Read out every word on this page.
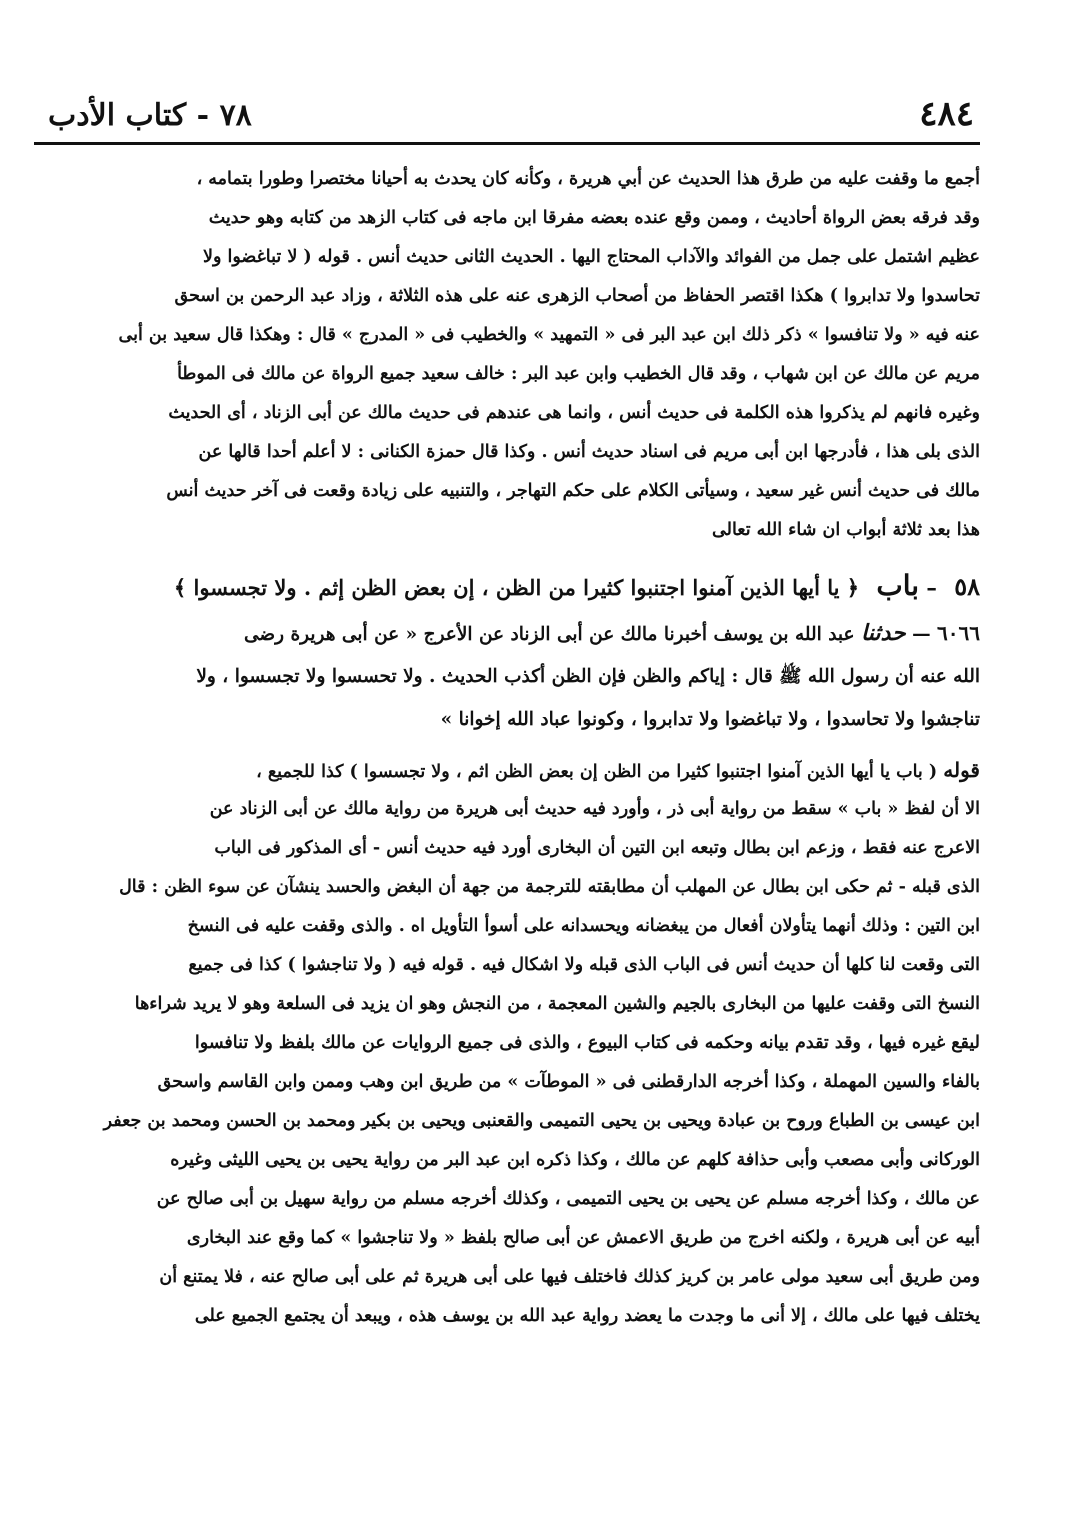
٤٨٤
٧٨ - كتاب الأدب
أجمع ما وقفت عليه من طرق هذا الحديث عن أبي هريرة ، وكأنه كان يحدث به أحيانا مختصرا وطورا بتمامه ،
وقد فرقه بعض الرواة أحاديث ، وممن وقع عنده بعضه مفرقا ابن ماجه فى كتاب الزهد من كتابه وهو حديث
عظيم اشتمل على جمل من الفوائد والآداب المحتاج اليها . الحديث الثانى حديث أنس . قوله ( لا تباغضوا ولا
تحاسدوا ولا تدابروا ) هكذا اقتصر الحفاظ من أصحاب الزهرى عنه على هذه الثلاثة ، وزاد عبد الرحمن بن اسحق
عنه فيه « ولا تنافسوا » ذكر ذلك ابن عبد البر فى « التمهيد » والخطيب فى « المدرج » قال : وهكذا قال سعيد بن أبى
مريم عن مالك عن ابن شهاب ، وقد قال الخطيب وابن عبد البر : خالف سعيد جميع الرواة عن مالك فى الموطأ
وغيره فانهم لم يذكروا هذه الكلمة فى حديث أنس ، وانما هى عندهم فى حديث مالك عن أبى الزناد ، أى الحديث
الذى بلى هذا ، فأدرجها ابن أبى مريم فى اسناد حديث أنس . وكذا قال حمزة الكنانى : لا أعلم أحدا قالها عن
مالك فى حديث أنس غير سعيد ، وسيأتى الكلام على حكم التهاجر ، والتنبيه على زيادة وقعت فى آخر حديث أنس
هذا بعد ثلاثة أبواب ان شاء الله تعالى
٥٨ – باب ﴿ يا أيها الذين آمنوا اجتنبوا كثيرا من الظن ، إن بعض الظن إثم . ولا تجسسوا ﴾
٦٠٦٦ — حدثنا عبد الله بن يوسف أخبرنا مالك عن أبى الزناد عن الأعرج « عن أبى هريرة رضى
الله عنه أن رسول الله ﷺ قال : إياكم والظن فإن الظن أكذب الحديث . ولا تحسسوا ولا تجسسوا ، ولا
تناجشوا ولا تحاسدوا ، ولا تباغضوا ولا تدابروا ، وكونوا عباد الله إخوانا »
قوله ( باب يا أيها الذين آمنوا اجتنبوا كثيرا من الظن إن بعض الظن اثم ، ولا تجسسوا ) كذا للجميع ،
الا أن لفظ « باب » سقط من رواية أبى ذر ، وأورد فيه حديث أبى هريرة من رواية مالك عن أبى الزناد عن
الاعرج عنه فقط ، وزعم ابن بطال وتبعه ابن التين أن البخارى أورد فيه حديث أنس - أى المذكور فى الباب
الذى قبله - ثم حكى ابن بطال عن المهلب أن مطابقته للترجمة من جهة أن البغض والحسد ينشآن عن سوء الظن : قال
ابن التين : وذلك أنهما يتأولان أفعال من يبغضانه ويحسدانه على أسوأ التأويل اه . والذى وقفت عليه فى النسخ
التى وقعت لنا كلها أن حديث أنس فى الباب الذى قبله ولا اشكال فيه . قوله فيه ( ولا تناجشوا ) كذا فى جميع
النسخ التى وقفت عليها من البخارى بالجيم والشين المعجمة ، من النجش وهو ان يزيد فى السلعة وهو لا يريد شراءها
ليقع غيره فيها ، وقد تقدم بيانه وحكمه فى كتاب البيوع ، والذى فى جميع الروايات عن مالك بلفظ ولا تنافسوا
بالفاء والسين المهملة ، وكذا أخرجه الدارقطنى فى « الموطآت » من طريق ابن وهب وممن وابن القاسم واسحق
ابن عيسى بن الطباع وروح بن عبادة ويحيى بن يحيى التميمى والقعنبى ويحيى بن بكير ومحمد بن الحسن ومحمد بن جعفر
الوركانى وأبى مصعب وأبى حذافة كلهم عن مالك ، وكذا ذكره ابن عبد البر من رواية يحيى بن يحيى الليثى وغيره
عن مالك ، وكذا أخرجه مسلم عن يحيى بن يحيى التميمى ، وكذلك أخرجه مسلم من رواية سهيل بن أبى صالح عن
أبيه عن أبى هريرة ، ولكنه اخرج من طريق الاعمش عن أبى صالح بلفظ « ولا تناجشوا » كما وقع عند البخارى
ومن طريق أبى سعيد مولى عامر بن كريز كذلك فاختلف فيها على أبى هريرة ثم على أبى صالح عنه ، فلا يمتنع أن
يختلف فيها على مالك ، إلا أنى ما وجدت ما يعضد رواية عبد الله بن يوسف هذه ، ويبعد أن يجتمع الجميع على
